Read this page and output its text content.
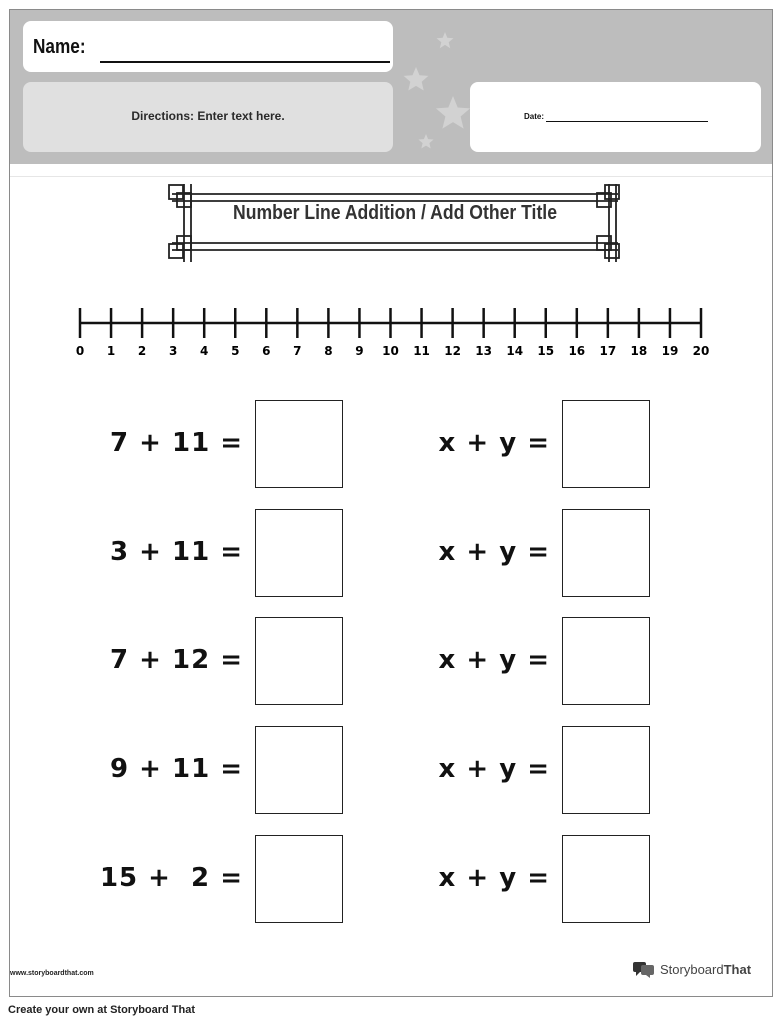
Name:
Directions: Enter text here.	Date:
Number Line Addition / Add Other Title
0 1 2 3 4 5 6 7 8 9 10 11 12 13 14 15 16 17 18 19 20
7 + 11 =
3 + 11 =
7 + 12 =
9 + 11 =
15 +  2 =
x + y =
x + y =
x + y =
x + y =
x + y =
www.storyboardthat.com	StoryboardThat
Create your own at Storyboard That
